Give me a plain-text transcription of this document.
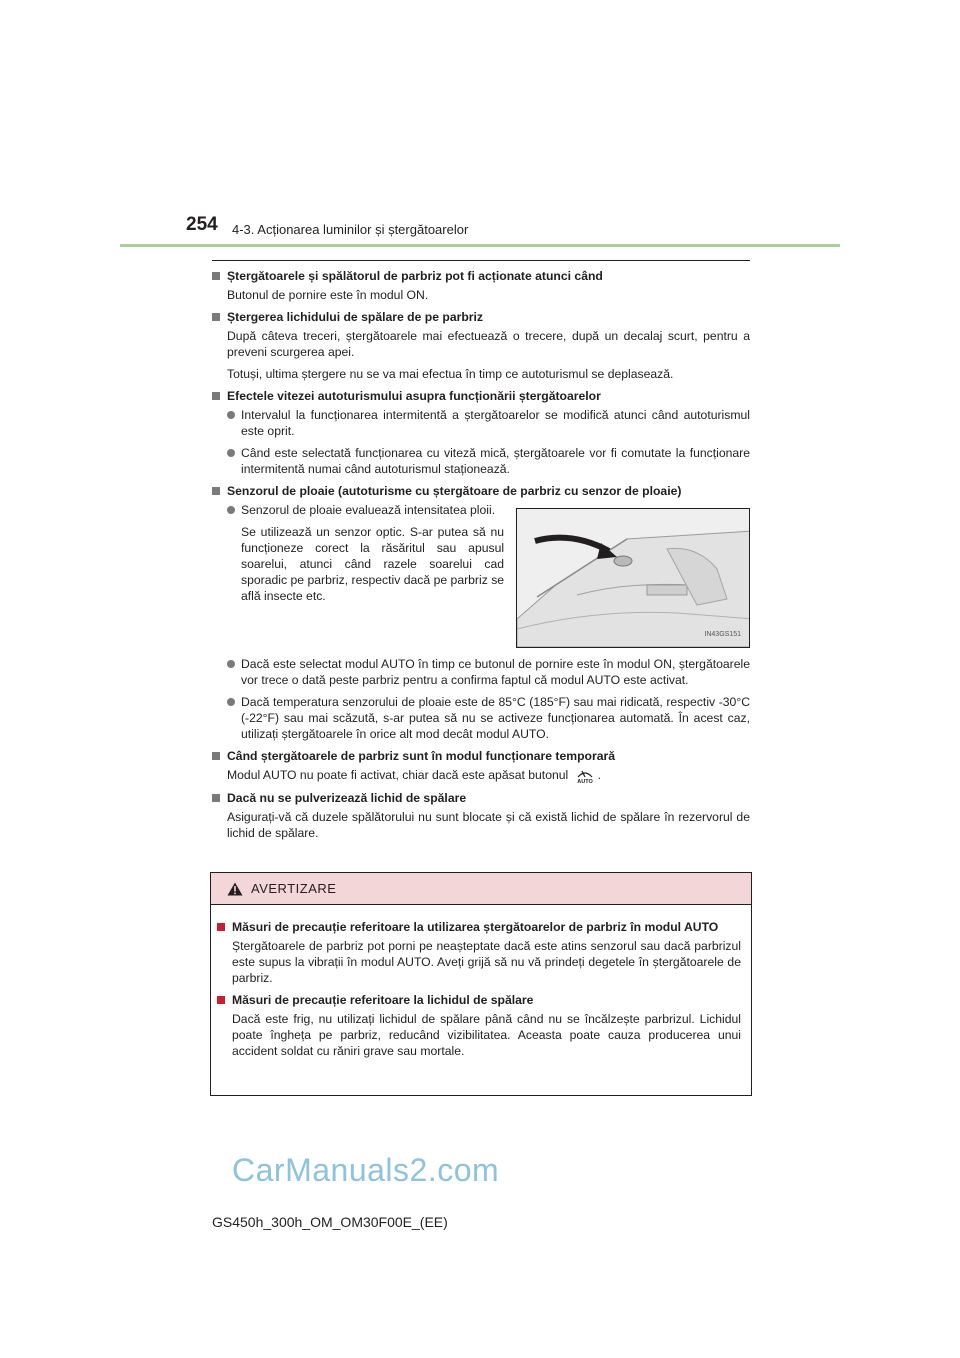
254 4-3. Acționarea luminilor și ștergătoarelor
Ștergătoarele și spălătorul de parbriz pot fi acționate atunci când
Butonul de pornire este în modul ON.
Ștergerea lichidului de spălare de pe parbriz
După câteva treceri, ștergătoarele mai efectuează o trecere, după un decalaj scurt, pentru a preveni scurgerea apei.
Totuși, ultima ștergere nu se va mai efectua în timp ce autoturismul se deplasează.
Efectele vitezei autoturismului asupra funcționării ștergătoarelor
Intervalul la funcționarea intermitentă a ștergătoarelor se modifică atunci când autoturismul este oprit.
Când este selectată funcționarea cu viteză mică, ștergătoarele vor fi comutate la funcționare intermitentă numai când autoturismul staționează.
Senzorul de ploaie (autoturisme cu ștergătoare de parbriz cu senzor de ploaie)
Senzorul de ploaie evaluează intensitatea ploii.
Se utilizează un senzor optic. S-ar putea să nu funcționeze corect la răsăritul sau apusul soarelui, atunci când razele soarelui cad sporadic pe parbriz, respectiv dacă pe parbriz se află insecte etc.
IN43GS151
Dacă este selectat modul AUTO în timp ce butonul de pornire este în modul ON, ștergătoarele vor trece o dată peste parbriz pentru a confirma faptul că modul AUTO este activat.
Dacă temperatura senzorului de ploaie este de 85°C (185°F) sau mai ridicată, respectiv -30°C (-22°F) sau mai scăzută, s-ar putea să nu se activeze funcționarea automată. În acest caz, utilizați ștergătoarele în orice alt mod decât modul AUTO.
Când ștergătoarele de parbriz sunt în modul funcționare temporară
Modul AUTO nu poate fi activat, chiar dacă este apăsat butonul AUTO .
Dacă nu se pulverizează lichid de spălare
Asigurați-vă că duzele spălătorului nu sunt blocate și că există lichid de spălare în rezervorul de lichid de spălare.
AVERTIZARE
Măsuri de precauție referitoare la utilizarea ștergătoarelor de parbriz în modul AUTO
Ștergătoarele de parbriz pot porni pe neașteptate dacă este atins senzorul sau dacă parbrizul este supus la vibrații în modul AUTO. Aveți grijă să nu vă prindeți degetele în ștergătoarele de parbriz.
Măsuri de precauție referitoare la lichidul de spălare
Dacă este frig, nu utilizați lichidul de spălare până când nu se încălzește parbrizul. Lichidul poate îngheța pe parbriz, reducând vizibilitatea. Aceasta poate cauza producerea unui accident soldat cu răniri grave sau mortale.
CarManuals2.com
GS450h_300h_OM_OM30F00E_(EE)
